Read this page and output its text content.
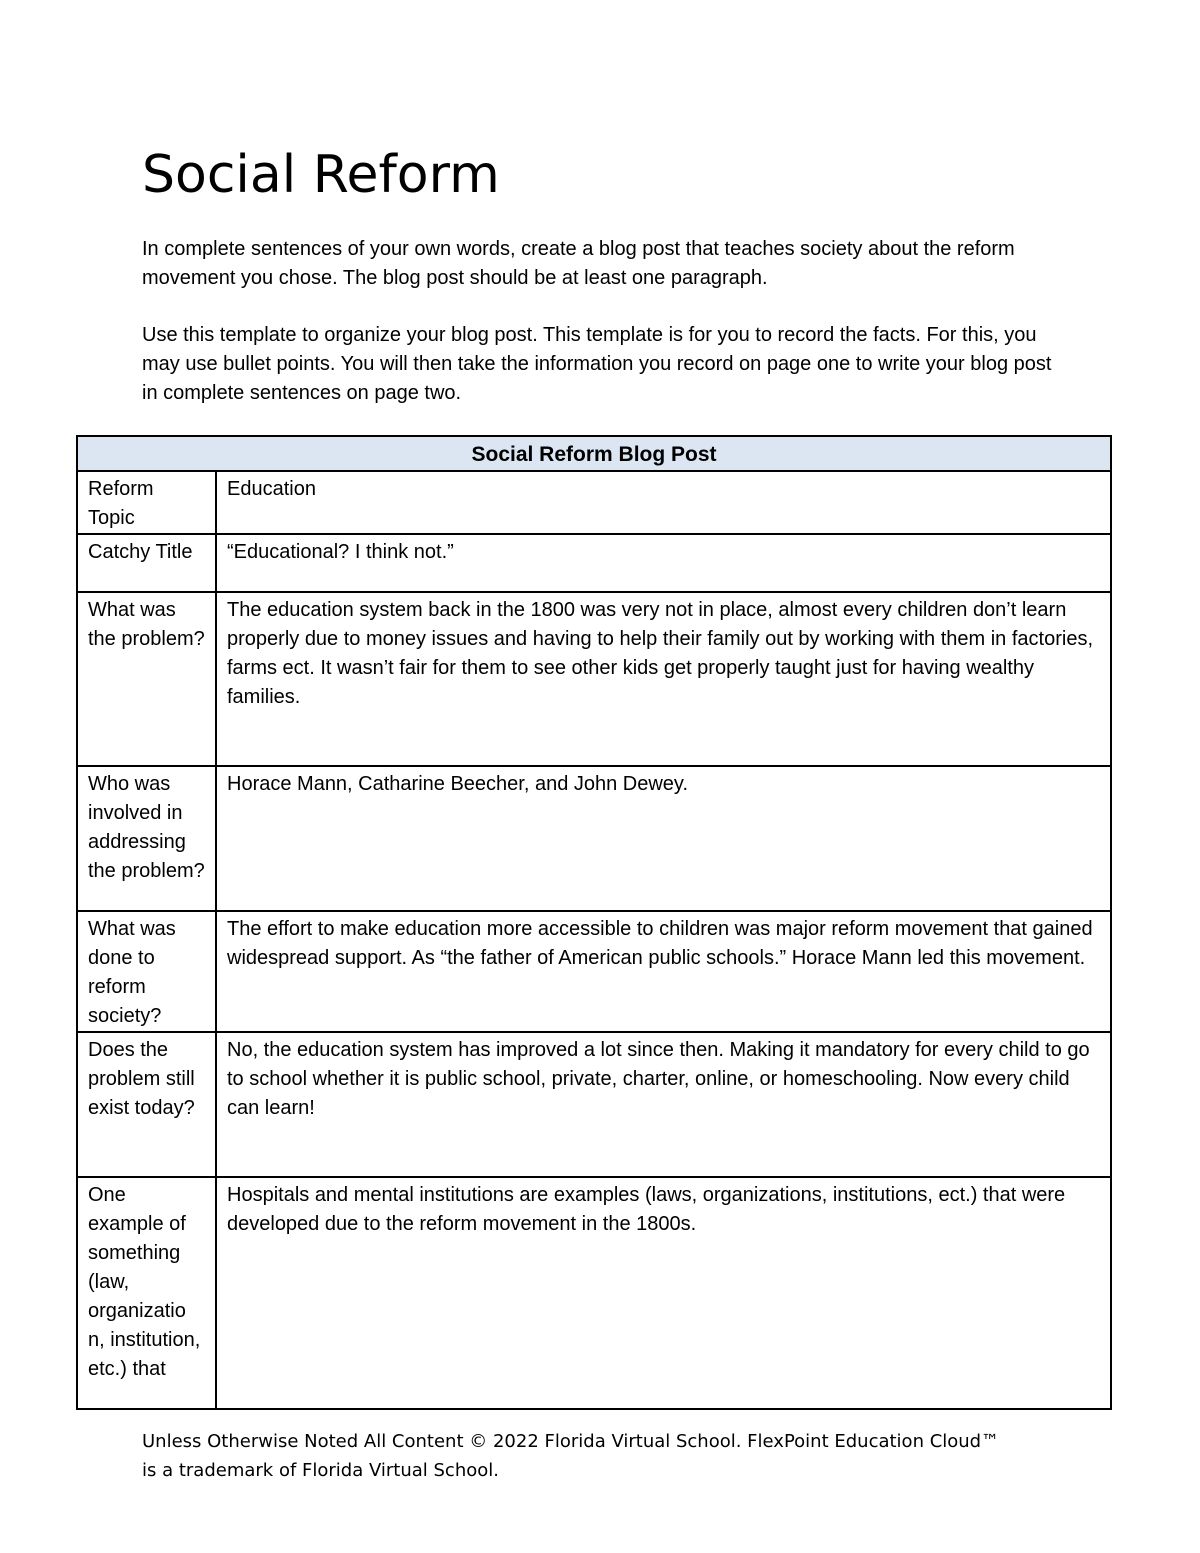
Social Reform

In complete sentences of your own words, create a blog post that teaches society about the reform movement you chose. The blog post should be at least one paragraph.

Use this template to organize your blog post. This template is for you to record the facts. For this, you may use bullet points. You will then take the information you record on page one to write your blog post in complete sentences on page two.

Social Reform Blog Post	
Reform Topic	Education
Catchy Title	“Educational? I think not.”
What was the problem?	The education system back in the 1800 was very not in place, almost every children don’t learn properly due to money issues and having to help their family out by working with them in factories, farms ect. It wasn’t fair for them to see other kids get properly taught just for having wealthy families.
Who was involved in addressing the problem?	Horace Mann, Catharine Beecher, and John Dewey.
What was done to reform society?	The effort to make education more accessible to children was major reform movement that gained widespread support. As “the father of American public schools.” Horace Mann led this movement.
Does the problem still exist today?	No, the education system has improved a lot since then. Making it mandatory for every child to go to school whether it is public school, private, charter, online, or homeschooling. Now every child can learn!
One example of something (law, organizatio n, institution, etc.) that	Hospitals and mental institutions are examples (laws, organizations, institutions, ect.) that were developed due to the reform movement in the 1800s.
Unless Otherwise Noted All Content © 2022 Florida Virtual School. FlexPoint Education Cloud™
is a trademark of Florida Virtual School.
